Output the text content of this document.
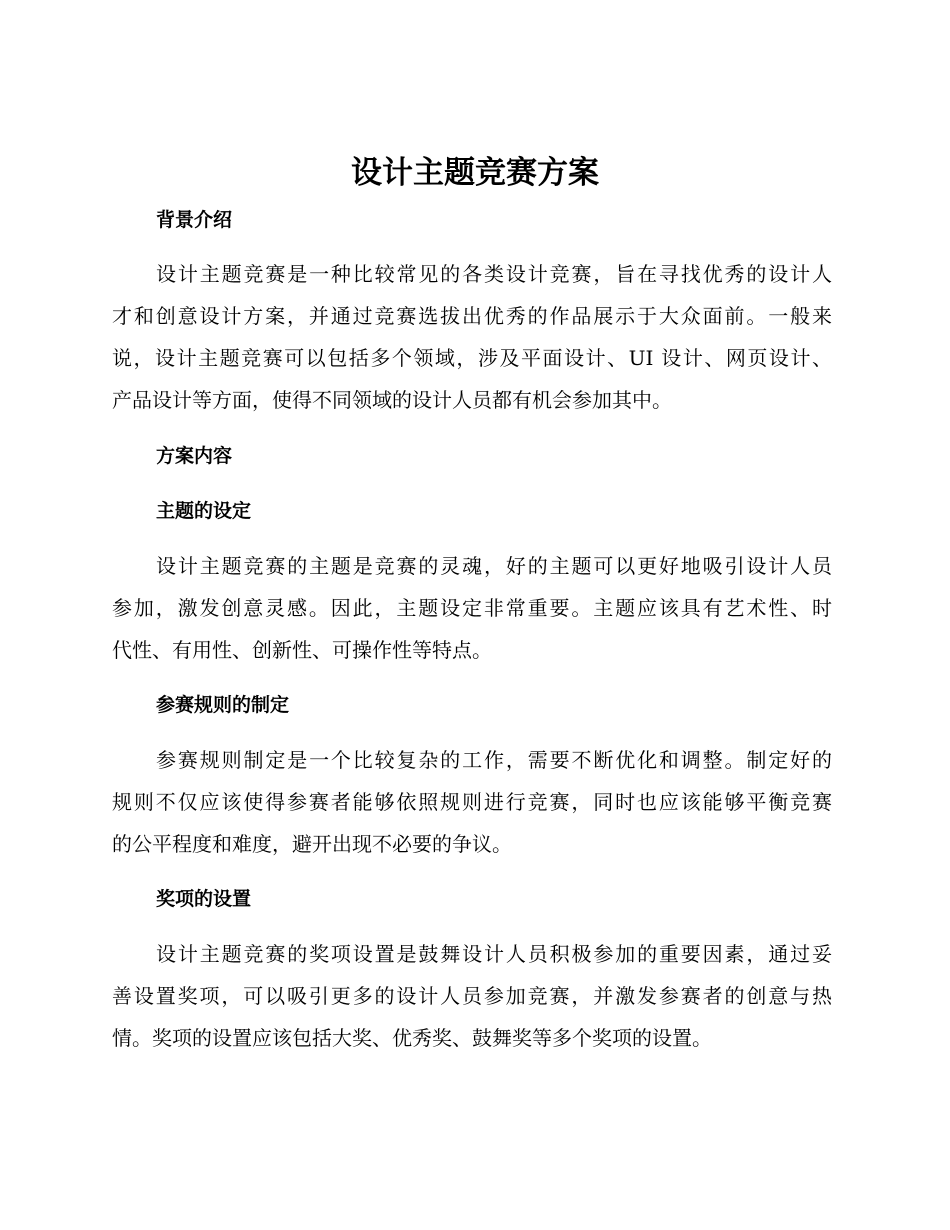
设计主题竞赛方案
背景介绍
设计主题竞赛是一种比较常见的各类设计竞赛，旨在寻找优秀的设计人
才和创意设计方案，并通过竞赛选拔出优秀的作品展示于大众面前。一般来
说，设计主题竞赛可以包括多个领域，涉及平面设计、UI 设计、网页设计、
产品设计等方面，使得不同领域的设计人员都有机会参加其中。
方案内容
主题的设定
设计主题竞赛的主题是竞赛的灵魂，好的主题可以更好地吸引设计人员
参加，激发创意灵感。因此，主题设定非常重要。主题应该具有艺术性、时
代性、有用性、创新性、可操作性等特点。
参赛规则的制定
参赛规则制定是一个比较复杂的工作，需要不断优化和调整。制定好的
规则不仅应该使得参赛者能够依照规则进行竞赛，同时也应该能够平衡竞赛
的公平程度和难度，避开出现不必要的争议。
奖项的设置
设计主题竞赛的奖项设置是鼓舞设计人员积极参加的重要因素，通过妥
善设置奖项，可以吸引更多的设计人员参加竞赛，并激发参赛者的创意与热
情。奖项的设置应该包括大奖、优秀奖、鼓舞奖等多个奖项的设置。
